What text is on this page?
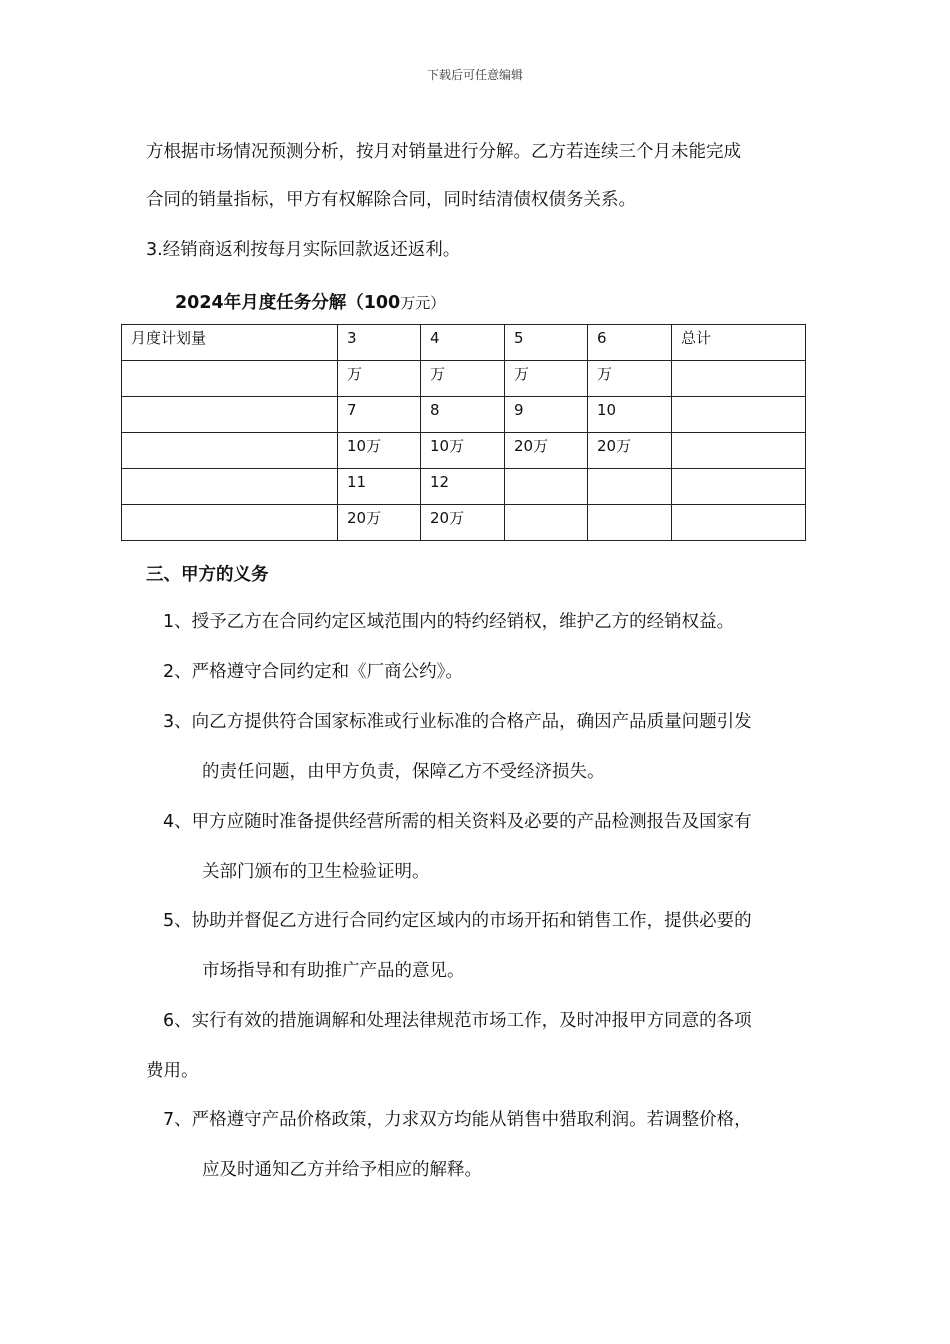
下载后可任意编辑
方根据市场情况预测分析，按月对销量进行分解。乙方若连续三个月未能完成
合同的销量指标，甲方有权解除合同，同时结清债权债务关系。
3.经销商返利按每月实际回款返还返利。
2024年月度任务分解（100万元）
月度计划量	3	4	5	6	总计
	万	万	万	万	
	7	8	9	10	
	10万	10万	20万	20万	
	11	12			
	20万	20万			
三、甲方的义务
1、授予乙方在合同约定区域范围内的特约经销权，维护乙方的经销权益。
2、严格遵守合同约定和《厂商公约》。
3、向乙方提供符合国家标准或行业标准的合格产品，确因产品质量问题引发
的责任问题，由甲方负责，保障乙方不受经济损失。
4、甲方应随时准备提供经营所需的相关资料及必要的产品检测报告及国家有
关部门颁布的卫生检验证明。
5、协助并督促乙方进行合同约定区域内的市场开拓和销售工作，提供必要的
市场指导和有助推广产品的意见。
6、实行有效的措施调解和处理法律规范市场工作，及时冲报甲方同意的各项
费用。
7、严格遵守产品价格政策，力求双方均能从销售中猎取利润。若调整价格，
应及时通知乙方并给予相应的解释。
